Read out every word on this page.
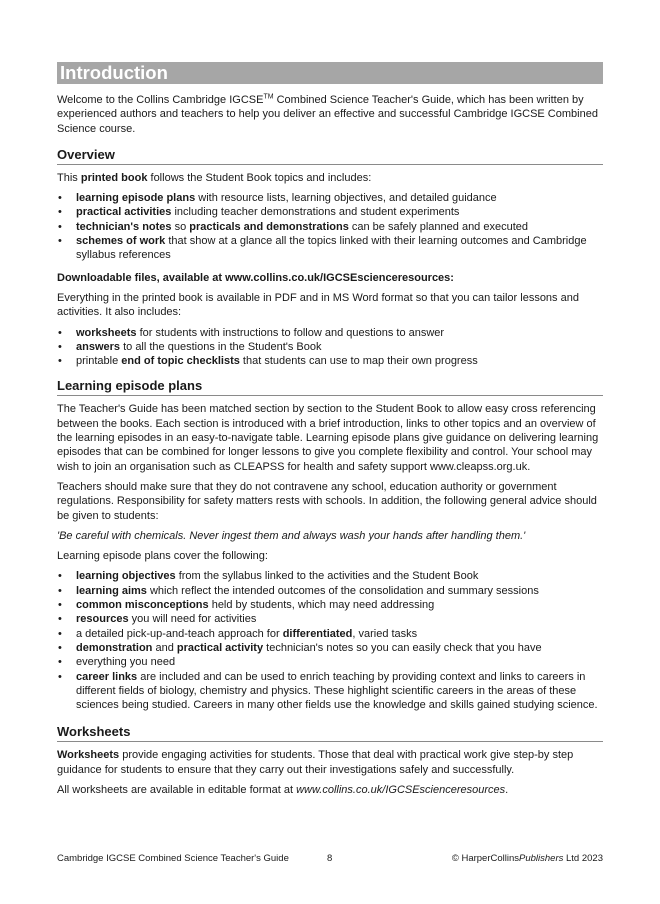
Introduction

Welcome to the Collins Cambridge IGCSE™ Combined Science Teacher's Guide, which has been written by experienced authors and teachers to help you deliver an effective and successful Cambridge IGCSE Combined Science course.

Overview

This printed book follows the Student Book topics and includes:

• learning episode plans with resource lists, learning objectives, and detailed guidance
• practical activities including teacher demonstrations and student experiments
• technician's notes so practicals and demonstrations can be safely planned and executed
• schemes of work that show at a glance all the topics linked with their learning outcomes and Cambridge syllabus references

Downloadable files, available at www.collins.co.uk/IGCSEscienceresources:

Everything in the printed book is available in PDF and in MS Word format so that you can tailor lessons and activities. It also includes:

• worksheets for students with instructions to follow and questions to answer
• answers to all the questions in the Student's Book
• printable end of topic checklists that students can use to map their own progress
Learning episode plans

The Teacher's Guide has been matched section by section to the Student Book to allow easy cross referencing between the books. Each section is introduced with a brief introduction, links to other topics and an overview of the learning episodes in an easy-to-navigate table. Learning episode plans give guidance on delivering learning episodes that can be combined for longer lessons to give you complete flexibility and control. Your school may wish to join an organisation such as CLEAPSS for health and safety support www.cleapss.org.uk.

Teachers should make sure that they do not contravene any school, education authority or government regulations. Responsibility for safety matters rests with schools. In addition, the following general advice should be given to students:

'Be careful with chemicals. Never ingest them and always wash your hands after handling them.'

Learning episode plans cover the following:

• learning objectives from the syllabus linked to the activities and the Student Book
• learning aims which reflect the intended outcomes of the consolidation and summary sessions
• common misconceptions held by students, which may need addressing
• resources you will need for activities
• a detailed pick-up-and-teach approach for differentiated, varied tasks
• demonstration and practical activity technician's notes so you can easily check that you have
• everything you need
• career links are included and can be used to enrich teaching by providing context and links to careers in different fields of biology, chemistry and physics. These highlight scientific careers in the areas of these sciences being studied. Careers in many other fields use the knowledge and skills gained studying science.
Worksheets

Worksheets provide engaging activities for students. Those that deal with practical work give step-by step guidance for students to ensure that they carry out their investigations safely and successfully.

All worksheets are available in editable format at www.collins.co.uk/IGCSEscienceresources.

Cambridge IGCSE Combined Science Teacher's Guide	8	© HarperCollinsPublishers Ltd 2023
